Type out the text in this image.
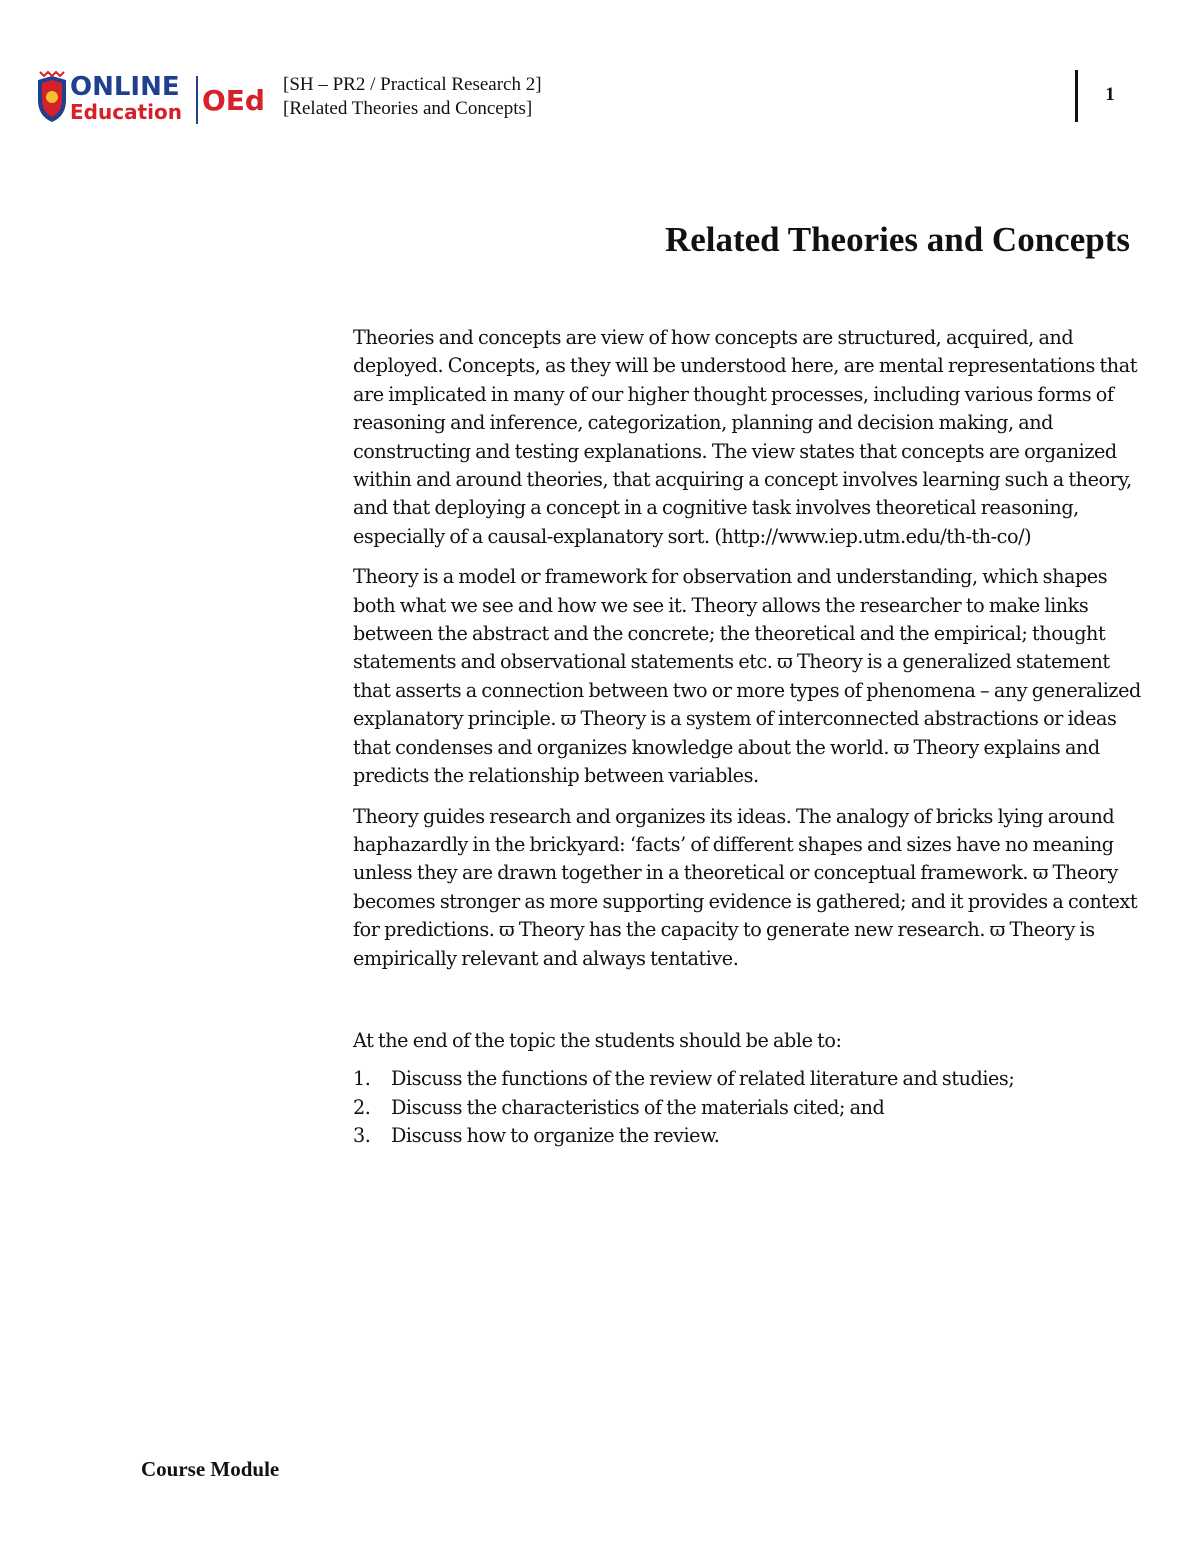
ONLINE
Education OEd [SH – PR2 / Practical Research 2]
[Related Theories and Concepts]
1
Related Theories and Concepts

Theories and concepts are view of how concepts are structured, acquired, and deployed. Concepts, as they will be understood here, are mental representations that are implicated in many of our higher thought processes, including various forms of reasoning and inference, categorization, planning and decision making, and constructing and testing explanations. The view states that concepts are organized within and around theories, that acquiring a concept involves learning such a theory, and that deploying a concept in a cognitive task involves theoretical reasoning, especially of a causal-explanatory sort. (http://www.iep.utm.edu/th-th-co/)

Theory is a model or framework for observation and understanding, which shapes both what we see and how we see it. Theory allows the researcher to make links between the abstract and the concrete; the theoretical and the empirical; thought statements and observational statements etc. ϖ Theory is a generalized statement that asserts a connection between two or more types of phenomena – any generalized explanatory principle. ϖ Theory is a system of interconnected abstractions or ideas that condenses and organizes knowledge about the world. ϖ Theory explains and predicts the relationship between variables.

Theory guides research and organizes its ideas. The analogy of bricks lying around haphazardly in the brickyard: ‘facts’ of different shapes and sizes have no meaning unless they are drawn together in a theoretical or conceptual framework. ϖ Theory becomes stronger as more supporting evidence is gathered; and it provides a context for predictions. ϖ Theory has the capacity to generate new research. ϖ Theory is empirically relevant and always tentative.

At the end of the topic the students should be able to:

1.	Discuss the functions of the review of related literature and studies;
2.	Discuss the characteristics of the materials cited; and
3.	Discuss how to organize the review.
Course Module
